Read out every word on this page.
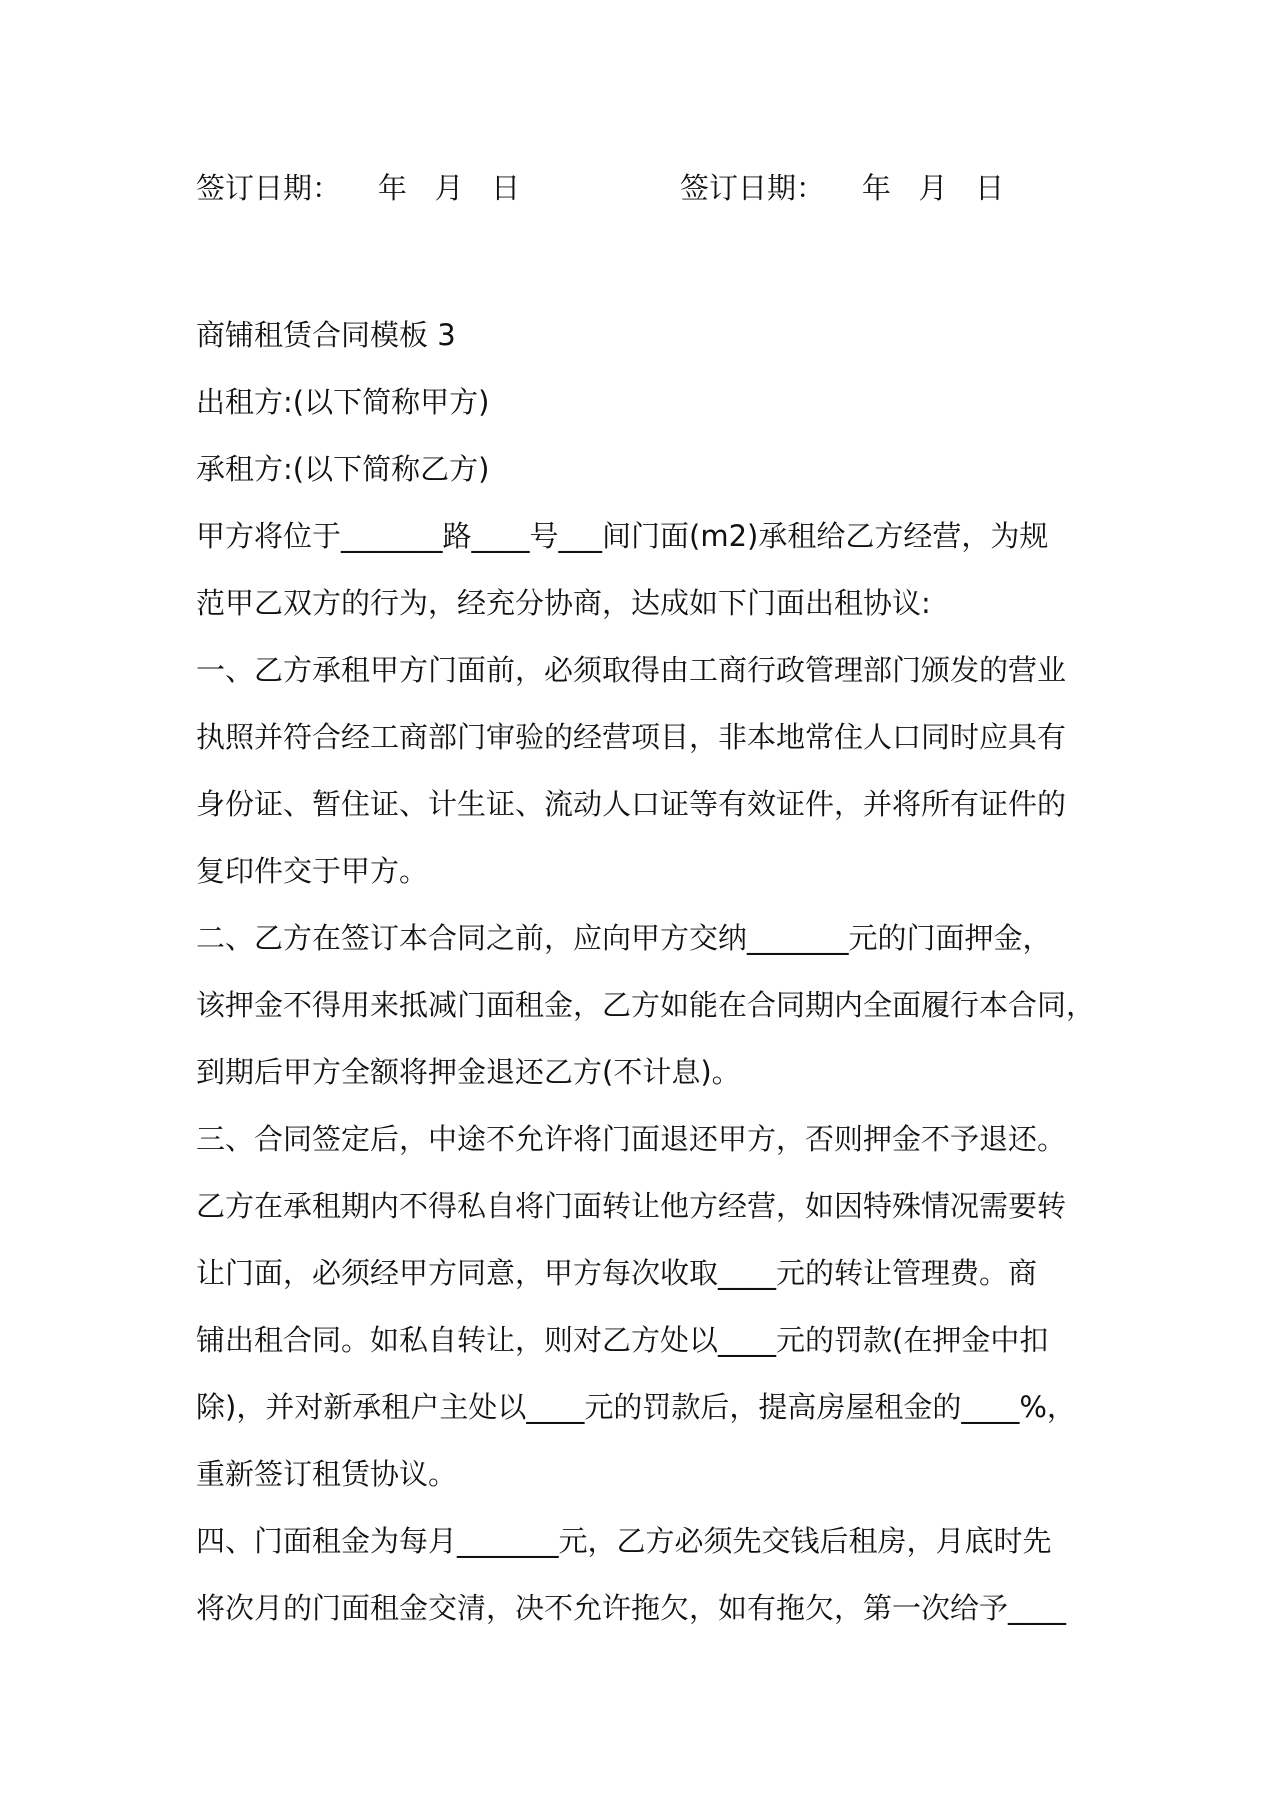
签订日期：    年   月   日

	签订日期：    年   月   日

商铺租赁合同模板 3
出租方:(以下简称甲方)
承租方:(以下简称乙方)
甲方将位于_______路____号___间门面(m2)承租给乙方经营，为规
范甲乙双方的行为，经充分协商，达成如下门面出租协议:
一、乙方承租甲方门面前，必须取得由工商行政管理部门颁发的营业
执照并符合经工商部门审验的经营项目，非本地常住人口同时应具有
身份证、暂住证、计生证、流动人口证等有效证件，并将所有证件的
复印件交于甲方。
二、乙方在签订本合同之前，应向甲方交纳_______元的门面押金，
该押金不得用来抵减门面租金，乙方如能在合同期内全面履行本合同，
到期后甲方全额将押金退还乙方(不计息)。
三、合同签定后，中途不允许将门面退还甲方，否则押金不予退还。
乙方在承租期内不得私自将门面转让他方经营，如因特殊情况需要转
让门面，必须经甲方同意，甲方每次收取____元的转让管理费。商
铺出租合同。如私自转让，则对乙方处以____元的罚款(在押金中扣
除)，并对新承租户主处以____元的罚款后，提高房屋租金的____%，
重新签订租赁协议。
四、门面租金为每月_______元，乙方必须先交钱后租房，月底时先
将次月的门面租金交清，决不允许拖欠，如有拖欠，第一次给予____
